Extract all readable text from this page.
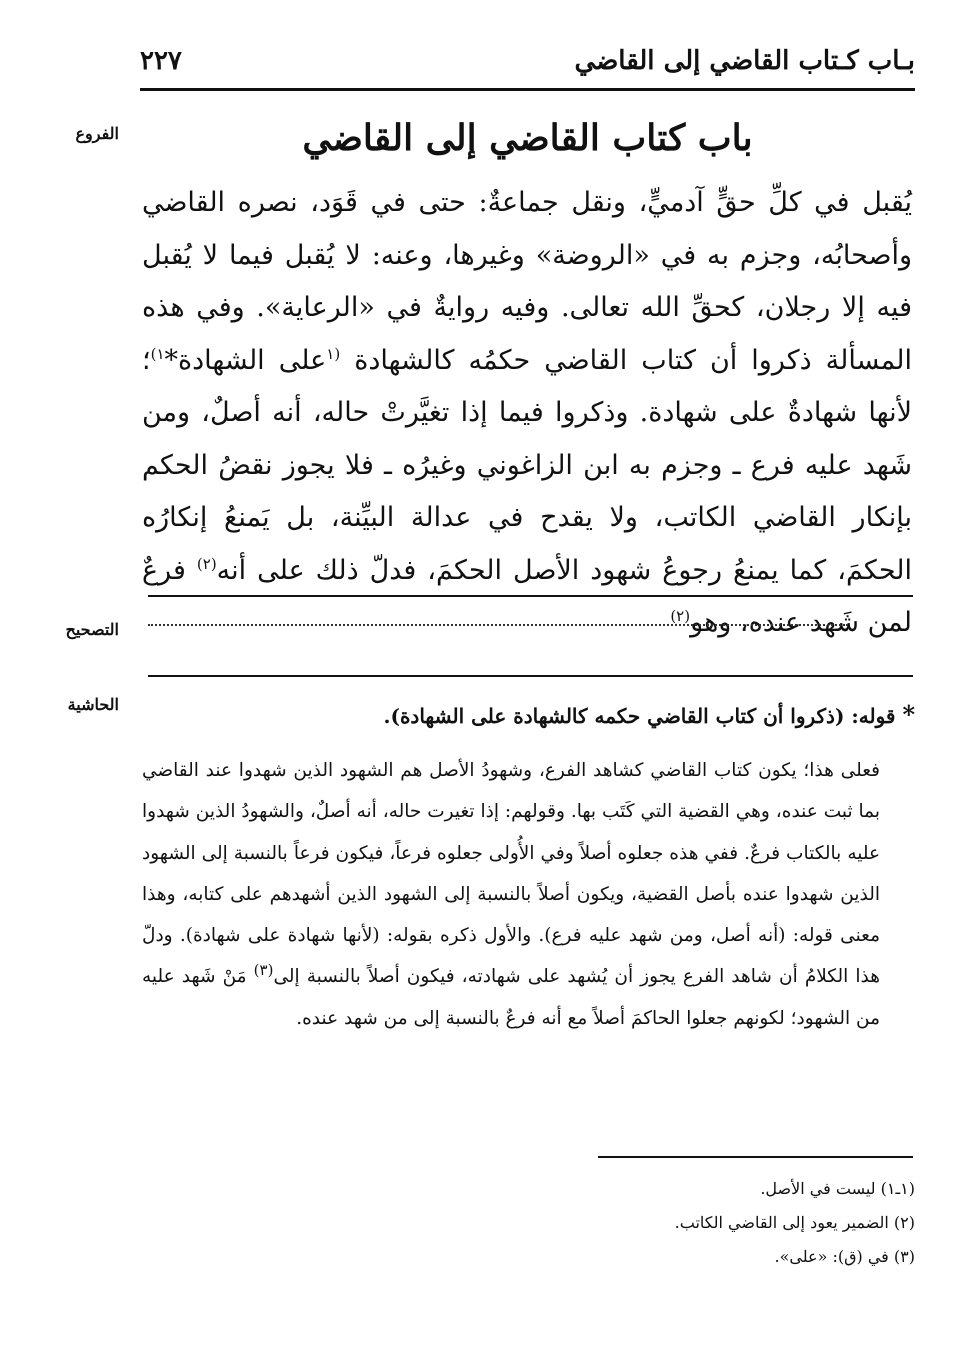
بـاب كـتاب القاضي إلى القاضي
٢٢٧
الفروع
التصحيح
الحاشية
باب كتاب القاضي إلى القاضي

يُقبل في كلِّ حقٍّ آدميٍّ، ونقل جماعةٌ: حتى في قَوَد، نصره القاضي وأصحابُه، وجزم به في «الروضة» وغيرها، وعنه: لا يُقبل فيما لا يُقبل فيه إلا رجلان، كحقِّ الله تعالى. وفيه روايةٌ في «الرعاية». وفي هذه المسألة ذكروا أن كتاب القاضي حكمُه كالشهادة $^{(١}$على الشهادة*$^{١)}$؛ لأنها شهادةٌ على شهادة. وذكروا فيما إذا تغيَّرتْ حاله، أنه أصلٌ، ومن شَهد عليه فرع ـ وجزم به ابن الزاغوني وغيرُه ـ فلا يجوز نقضُ الحكم بإنكار القاضي الكاتب، ولا يقدح في عدالة البيِّنة، بل يَمنعُ إنكارُه الحكمَ، كما يمنعُ رجوعُ شهود الأصل الحكمَ، فدلّ ذلك على أنه$^{(٢)}$ فرعٌ لمن شَهد عنده، وهو$^{(٢)}$

* قوله: (ذكروا أن كتاب القاضي حكمه كالشهادة على الشهادة).

فعلى هذا؛ يكون كتاب القاضي كشاهد الفرع، وشهودُ الأصل هم الشهود الذين شهدوا عند القاضي بما ثبت عنده، وهي القضية التي كَتَب بها. وقولهم: إذا تغيرت حاله، أنه أصلٌ، والشهودُ الذين شهدوا عليه بالكتاب فرعٌ. ففي هذه جعلوه أصلاً وفي الأُولى جعلوه فرعاً، فيكون فرعاً بالنسبة إلى الشهود الذين شهدوا عنده بأصل القضية، ويكون أصلاً بالنسبة إلى الشهود الذين أشهدهم على كتابه، وهذا معنى قوله: (أنه أصل، ومن شهد عليه فرع). والأول ذكره بقوله: (لأنها شهادة على شهادة). ودلّ هذا الكلامُ أن شاهد الفرع يجوز أن يُشهد على شهادته، فيكون أصلاً بالنسبة إلى$^{(٣)}$ مَنْ شَهد عليه من الشهود؛ لكونهم جعلوا الحاكمَ أصلاً مع أنه فرعٌ بالنسبة إلى من شهد عنده.

(١ـ١) ليست في الأصل.
(٢) الضمير يعود إلى القاضي الكاتب.
(٣) في (ق): «على».
